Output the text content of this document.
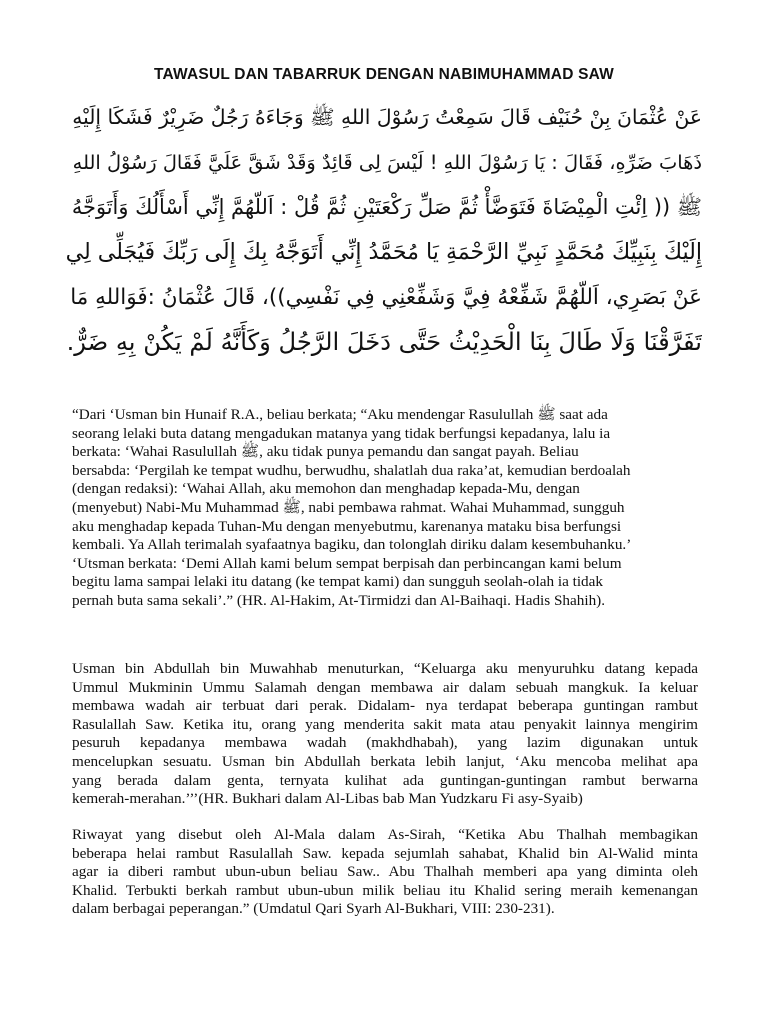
TAWASUL DAN TABARRUK DENGAN NABIMUHAMMAD SAW
عَنْ عُثْمَانَ بِنْ حُنَيْف قَالَ سَمِعْتُ رَسُوْلَ اللهِ ﷺ وَجَاءَهُ رَجُلٌ ضَرِيْرٌ فَشَكَا إِلَيْهِ
ذَهَابَ ضَرِّهِ، فَقَالَ : يَا رَسُوْلَ اللهِ ! لَيْسَ لِى قَائِدٌ وَقَدْ شَقَّ عَلَيَّ فَقَالَ رَسُوْلُ اللهِ
ﷺ (( اِئْتِ الْمِيْضَاةَ فَتَوَضَّأْ ثُمَّ صَلِّ رَكْعَتَيْنِ ثُمَّ قُلْ : اَللّهُمَّ إِنِّي أَسْأَلُكَ وَأَتَوَجَّهُ
إِلَيْكَ بِنَبِيِّكَ مُحَمَّدٍ نَبِيِّ الرَّحْمَةِ يَا مُحَمَّدُ إِنِّي أَتَوَجَّهُ بِكَ إِلَى رَبِّكَ فَيُجَلِّى لِي
عَنْ بَصَرِي، اَللّهُمَّ شَفِّعْهُ فِيَّ وَشَفِّعْنِي فِي نَفْسِي))، قَالَ عُثْمَانُ :فَوَاللهِ مَا
تَفَرَّقْنَا وَلَا طَالَ بِنَا الْحَدِيْثُ حَتَّى دَخَلَ الرَّجُلُ وَكَأَنَّهُ لَمْ يَكُنْ بِهِ ضَرٌّ.

“Dari ‘Usman bin Hunaif R.A., beliau berkata; “Aku mendengar Rasulullah ﷺ saat ada
seorang lelaki buta datang mengadukan matanya yang tidak berfungsi kepadanya, lalu ia
berkata: ‘Wahai Rasulullah ﷺ, aku tidak punya pemandu dan sangat payah. Beliau
bersabda: ‘Pergilah ke tempat wudhu, berwudhu, shalatlah dua raka’at, kemudian berdoalah
(dengan redaksi): ‘Wahai Allah, aku memohon dan menghadap kepada-Mu, dengan
(menyebut) Nabi-Mu Muhammad ﷺ, nabi pembawa rahmat. Wahai Muhammad, sungguh
aku menghadap kepada Tuhan-Mu dengan menyebutmu, karenanya mataku bisa berfungsi
kembali. Ya Allah terimalah syafaatnya bagiku, dan tolonglah diriku dalam kesembuhanku.’
‘Utsman berkata: ‘Demi Allah kami belum sempat berpisah dan perbincangan kami belum
begitu lama sampai lelaki itu datang (ke tempat kami) dan sungguh seolah-olah ia tidak
pernah buta sama sekali’.” (HR. Al-Hakim, At-Tirmidzi dan Al-Baihaqi. Hadis Shahih).

Usman bin Abdullah bin Muwahhab menuturkan, “Keluarga aku menyuruhku datang kepada
Ummul Mukminin Ummu Salamah dengan membawa air dalam sebuah mangkuk. Ia keluar
membawa wadah air terbuat dari perak. Didalam- nya terdapat beberapa guntingan rambut
Rasulallah Saw. Ketika itu, orang yang menderita sakit mata atau penyakit lainnya mengirim
pesuruh kepadanya membawa wadah (makhdhabah), yang lazim digunakan untuk
mencelupkan sesuatu. Usman bin Abdullah berkata lebih lanjut, ‘Aku mencoba melihat apa
yang berada dalam genta, ternyata kulihat ada guntingan-guntingan rambut berwarna
kemerah-merahan.’’’(HR. Bukhari dalam Al-Libas bab Man Yudzkaru Fi asy-Syaib)

Riwayat yang disebut oleh Al-Mala dalam As-Sirah, “Ketika Abu Thalhah membagikan
beberapa helai rambut Rasulallah Saw. kepada sejumlah sahabat, Khalid bin Al-Walid minta
agar ia diberi rambut ubun-ubun beliau Saw.. Abu Thalhah memberi apa yang diminta oleh
Khalid. Terbukti berkah rambut ubun-ubun milik beliau itu Khalid sering meraih kemenangan
dalam berbagai peperangan.” (Umdatul Qari Syarh Al-Bukhari, VIII: 230-231).
